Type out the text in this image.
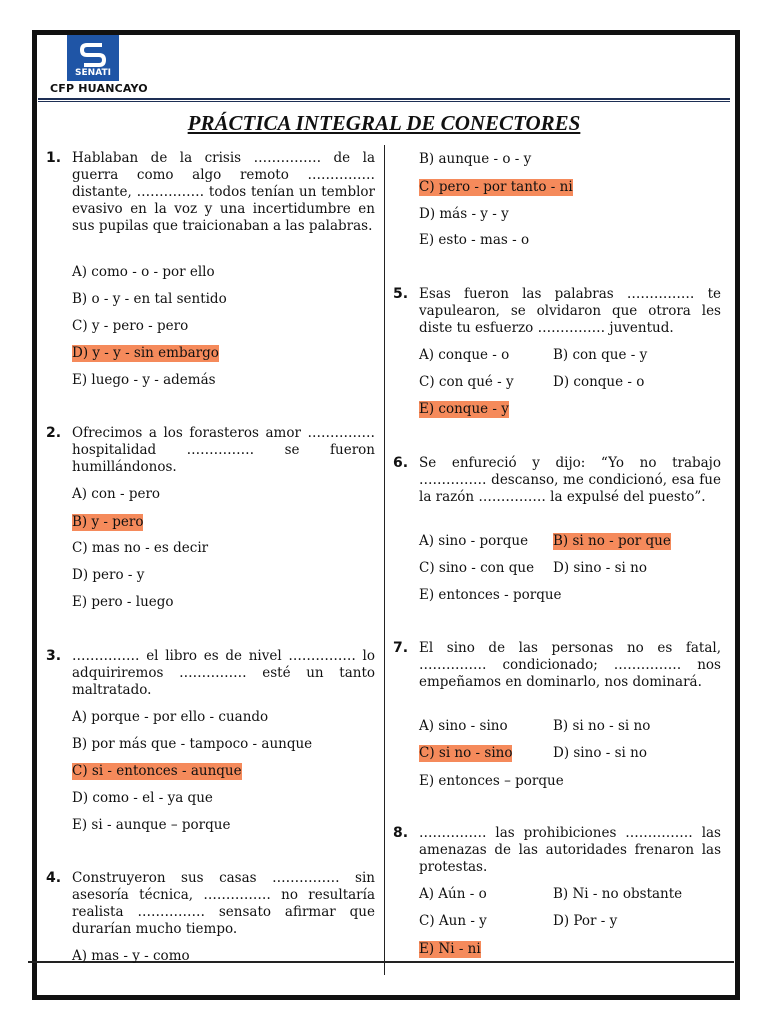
SENATI
CFP HUANCAYO
PRÁCTICA INTEGRAL DE CONECTORES
1. Hablaban de la crisis …………… de la guerra como algo remoto …………… distante, …………… todos tenían un temblor evasivo en la voz y una incertidumbre en sus pupilas que traicionaban a las palabras.
A) como - o - por ello
B) o - y - en tal sentido
C) y - pero - pero
D) y - y - sin embargo
E) luego - y - además
2. Ofrecimos a los forasteros amor …………… hospitalidad …………… se fueron humillándonos.
A) con - pero
B) y - pero
C) mas no - es decir
D) pero - y
E) pero - luego
3. …………… el libro es de nivel …………… lo adquiriremos …………… esté un tanto maltratado.
A) porque - por ello - cuando
B) por más que - tampoco - aunque
C) si - entonces - aunque
D) como - el - ya que
E) si - aunque – porque
4. Construyeron sus casas …………… sin asesoría técnica, …………… no resultaría realista …………… sensato afirmar que durarían mucho tiempo.
A) mas - y - como
B) aunque - o - y
C) pero - por tanto - ni
D) más - y - y
E) esto - mas - o
5. Esas fueron las palabras …………… te vapulearon, se olvidaron que otrora les diste tu esfuerzo …………… juventud.
A) conque - o	B) con que - y
C) con qué - y	D) conque - o
E) conque - y
6. Se enfureció y dijo: “Yo no trabajo …………… descanso, me condicionó, esa fue la razón …………… la expulsé del puesto”.
A) sino - porque B) si no - por que
C) sino - con que D) sino - si no
E) entonces - porque
7. El sino de las personas no es fatal, …………… condicionado; …………… nos empeñamos en dominarlo, nos dominará.
A) sino - sino	B) si no - si no
C) si no - sino	D) sino - si no
E) entonces – porque
8. …………… las prohibiciones …………… las amenazas de las autoridades frenaron las protestas.
A) Aún - o	B) Ni - no obstante
C) Aun - y	D) Por - y
E) Ni - ni
